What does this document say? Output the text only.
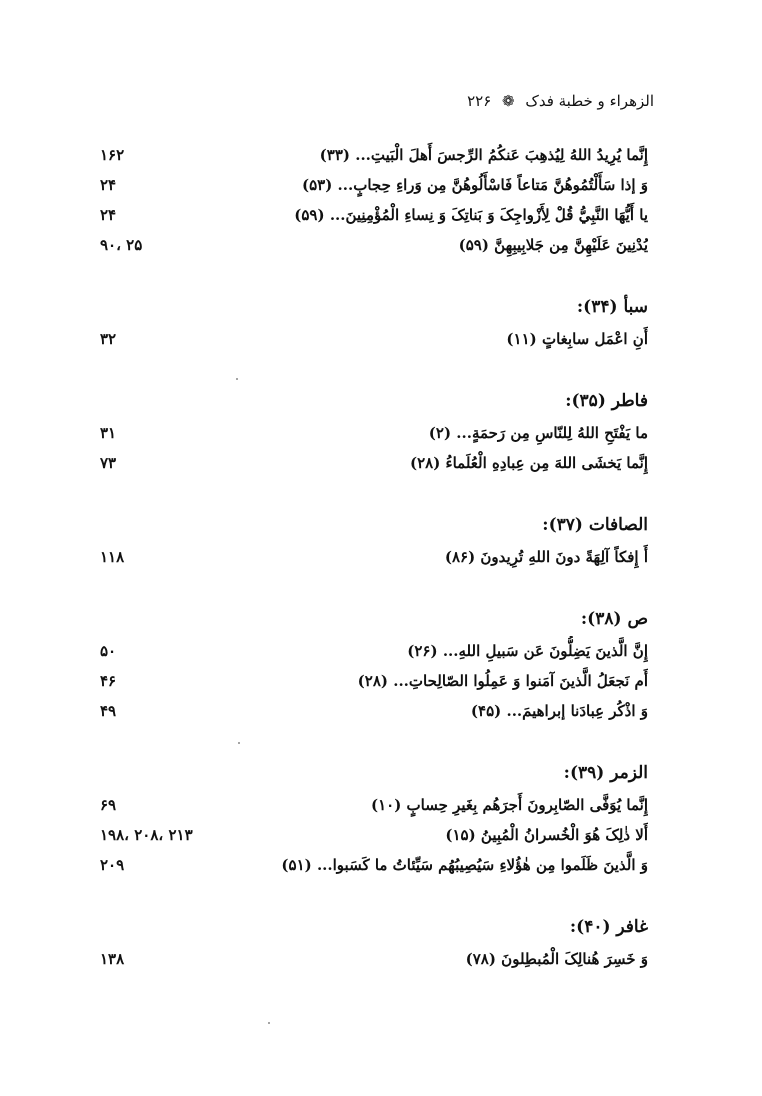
الزهراء و خطبة فدک ❁ ۲۲۶
إِنَّما يُرِيدُ اللهُ لِيُذهِبَ عَنكُمُ الرِّجسَ أَهلَ الْبَيتِ... (۳۳)
۱۶۲
وَ إذا سَأَلْتُمُوهُنَّ مَتاعاً فَاسْأَلُوهُنَّ مِن وَراءِ حِجابٍ... (۵۳)
۲۴
يا أَيُّهَا النَّبِيُّ قُلْ لِأَزْواجِکَ وَ بَناتِکَ وَ نِساءِ الْمُؤْمِنِينَ... (۵۹)
۲۴
يُدْنِينَ عَلَيْهِنَّ مِن جَلابِيبِهِنَّ (۵۹)
۹۰، ۲۵
سبأ (۳۴):
أَنِ اعْمَل سابِغاتٍ (۱۱)
۳۲
فاطر (۳۵):
ما يَفْتَحِ اللهُ لِلنّاسِ مِن رَحمَةٍ... (۲)
۳۱
إِنَّما يَخشَى اللهَ مِن عِبادِهِ الْعُلَماءُ (۲۸)
۷۳
الصافات (۳۷):
أَ إِفکاً آلِهَةً دونَ اللهِ تُرِيدونَ (۸۶)
۱۱۸
ص (۳۸):
إِنَّ الَّذينَ يَضِلُّونَ عَن سَبيلِ اللهِ... (۲۶)
۵۰
أَم نَجعَلُ الَّذينَ آمَنوا وَ عَمِلُوا الصّالِحاتِ... (۲۸)
۴۶
وَ اذْكُر عِبادَنا إبراهيمَ... (۴۵)
۴۹
الزمر (۳۹):
إِنَّما يُوَفَّى الصّابِرونَ أَجرَهُم بِغَيرِ حِسابٍ (۱۰)
۶۹
أَلا ذٰلِکَ هُوَ الْخُسرانُ الْمُبِينُ (۱۵)
۱۹۸، ۲۰۸، ۲۱۳
وَ الَّذينَ ظَلَموا مِن هٰؤُلاءِ سَيُصِيبُهُم سَيِّئاتُ ما كَسَبوا... (۵۱)
۲۰۹
غافر (۴۰):
وَ خَسِرَ هُنالِکَ الْمُبطِلونَ (۷۸)
۱۳۸
